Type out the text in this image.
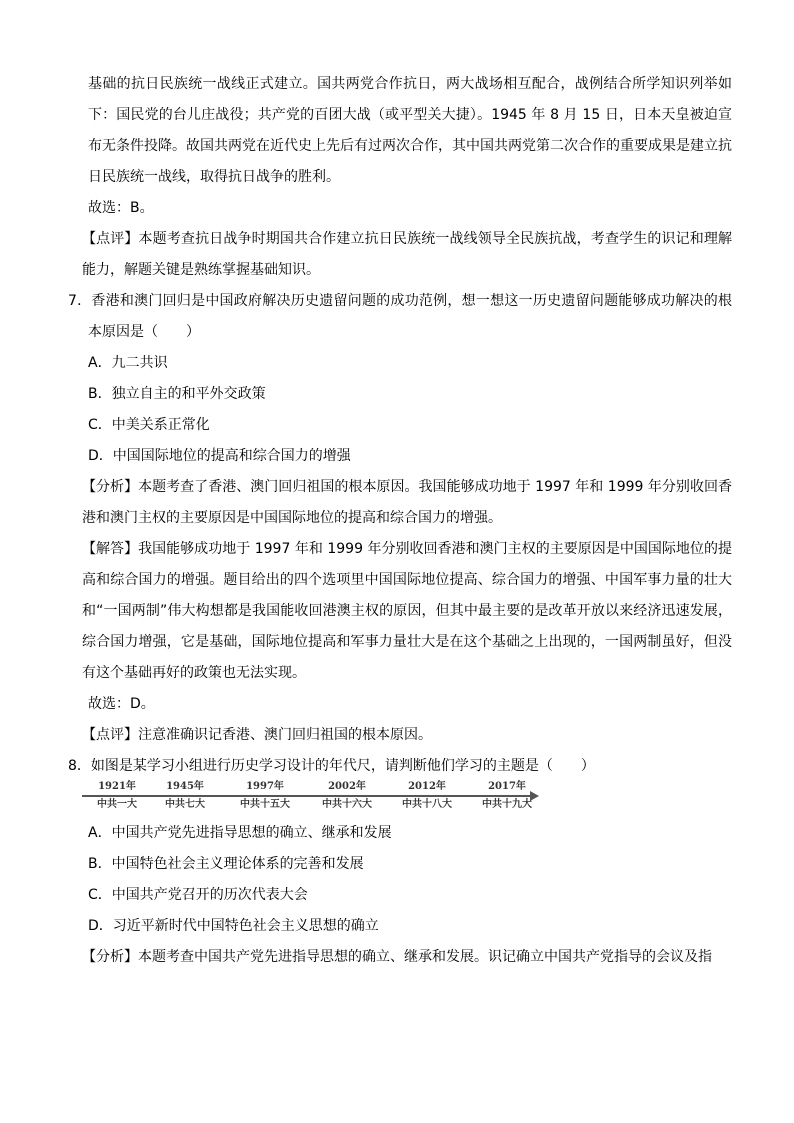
基础的抗日民族统一战线正式建立。国共两党合作抗日，两大战场相互配合，战例结合所学知识列举如下：国民党的台儿庄战役；共产党的百团大战（或平型关大捷）。1945 年 8 月 15 日，日本天皇被迫宣布无条件投降。故国共两党在近代史上先后有过两次合作，其中国共两党第二次合作的重要成果是建立抗日民族统一战线，取得抗日战争的胜利。

故选：B。

【点评】本题考查抗日战争时期国共合作建立抗日民族统一战线领导全民族抗战，考查学生的识记和理解能力，解题关键是熟练掌握基础知识。

7．香港和澳门回归是中国政府解决历史遗留问题的成功范例，想一想这一历史遗留问题能够成功解决的根本原因是（　　）

A．九二共识

B．独立自主的和平外交政策

C．中美关系正常化

D．中国国际地位的提高和综合国力的增强

【分析】本题考查了香港、澳门回归祖国的根本原因。我国能够成功地于 1997 年和 1999 年分别收回香港和澳门主权的主要原因是中国国际地位的提高和综合国力的增强。

【解答】我国能够成功地于 1997 年和 1999 年分别收回香港和澳门主权的主要原因是中国国际地位的提高和综合国力的增强。题目给出的四个选项里中国国际地位提高、综合国力的增强、中国军事力量的壮大和“一国两制”伟大构想都是我国能收回港澳主权的原因，但其中最主要的是改革开放以来经济迅速发展，综合国力增强，它是基础，国际地位提高和军事力量壮大是在这个基础之上出现的，一国两制虽好，但没有这个基础再好的政策也无法实现。

故选：D。

【点评】注意准确识记香港、澳门回归祖国的根本原因。

8．如图是某学习小组进行历史学习设计的年代尺，请判断他们学习的主题是（　　）

1921年
中共一大
1945年
中共七大
1997年
中共十五大
2002年
中共十六大
2012年
中共十八大
2017年
中共十九大

A．中国共产党先进指导思想的确立、继承和发展

B．中国特色社会主义理论体系的完善和发展

C．中国共产党召开的历次代表大会

D．习近平新时代中国特色社会主义思想的确立

【分析】本题考查中国共产党先进指导思想的确立、继承和发展。识记确立中国共产党指导的会议及指
